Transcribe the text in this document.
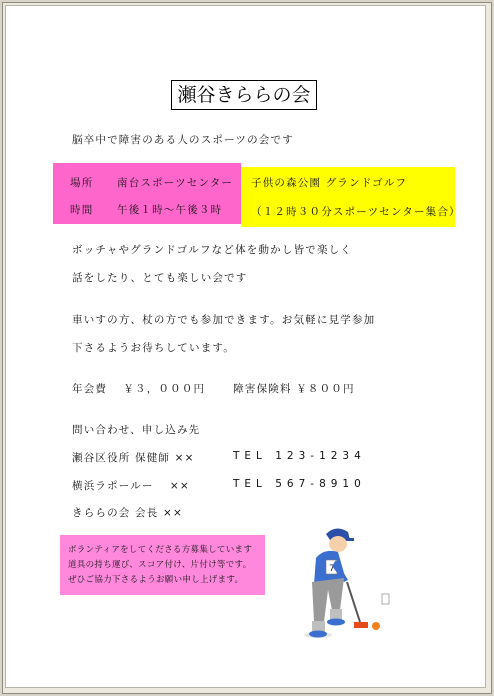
瀬谷きららの会
脳卒中で障害のある人のスポーツの会です
場所 南台スポーツセンター
時間 午後１時〜午後３時
子供の森公園 グランドゴルフ
（１２時３０分スポーツセンター集合）
ボッチャやグランドゴルフなど体を動かし皆で楽しく
話をしたり、とても楽しい会です
車いすの方、杖の方でも参加できます。お気軽に見学参加
下さるようお待ちしています。
年会費　 ￥３，０００円　　 障害保険料 ￥８００円
問い合わせ、申し込み先
瀬谷区役所 保健師 ××	TEL 123-1234
横浜ラポールー　 ××	TEL 567-8910
きららの会 会長 ××
ボランティアをしてくださる方募集しています
道具の持ち運び、スコア付け、片付け等です。
ぜひご協力下さるようお願い申し上げます。
7
